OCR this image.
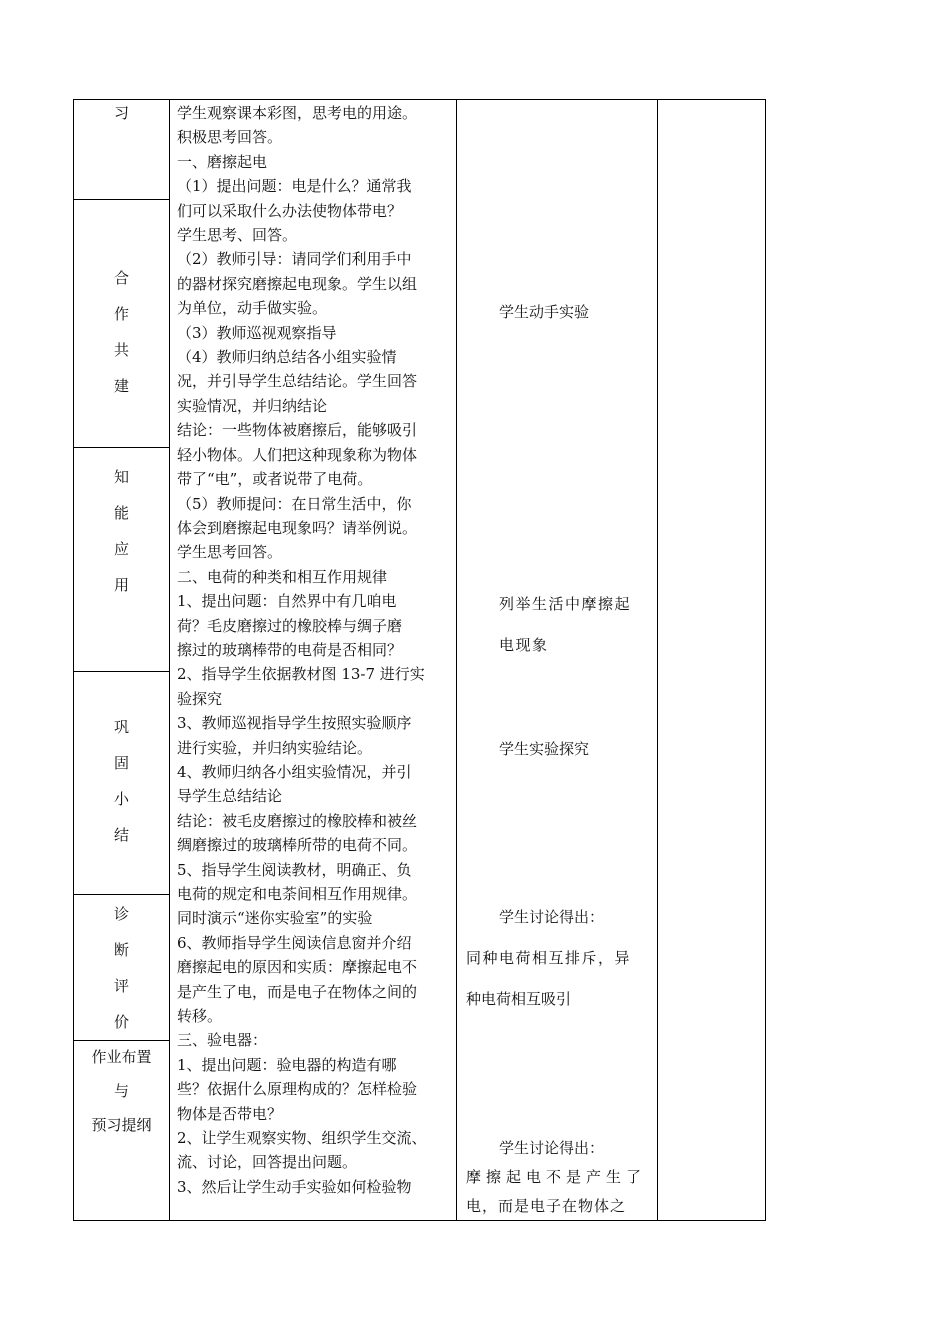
习
合
作
共
建
知
能
应
用
巩
固
小
结
诊
断
评
价
作业布置
与
预习提纲
学生观察课本彩图，思考电的用途。
积极思考回答。
一、磨擦起电
（1）提出问题：电是什么？通常我
们可以采取什么办法使物体带电？
学生思考、回答。
（2）教师引导：请同学们利用手中
的器材探究磨擦起电现象。学生以组
为单位，动手做实验。
（3）教师巡视观察指导
（4）教师归纳总结各小组实验情
况，并引导学生总结结论。学生回答
实验情况，并归纳结论
结论：一些物体被磨擦后，能够吸引
轻小物体。人们把这种现象称为物体
带了“电”，或者说带了电荷。
（5）教师提问：在日常生活中，你
体会到磨擦起电现象吗？请举例说。
学生思考回答。
二、电荷的种类和相互作用规律
1、提出问题：自然界中有几咱电
荷？毛皮磨擦过的橡胶棒与绸子磨
擦过的玻璃棒带的电荷是否相同？
2、指导学生依据教材图 13-7 进行实
验探究
3、教师巡视指导学生按照实验顺序
进行实验，并归纳实验结论。
4、教师归纳各小组实验情况，并引
导学生总结结论
结论：被毛皮磨擦过的橡胶棒和被丝
绸磨擦过的玻璃棒所带的电荷不同。
5、指导学生阅读教材，明确正、负
电荷的规定和电荼间相互作用规律。
同时演示“迷你实验室”的实验
6、教师指导学生阅读信息窗并介绍
磨擦起电的原因和实质：摩擦起电不
是产生了电，而是电子在物体之间的
转移。
三、验电器：
1、提出问题：验电器的构造有哪
些？依据什么原理构成的？怎样检验
物体是否带电？
2、让学生观察实物、组织学生交流、
流、讨论，回答提出问题。
3、然后让学生动手实验如何检验物
学生动手实验
列举生活中摩擦起
电现象
学生实验探究
学生讨论得出：
同种电荷相互排斥，异
种电荷相互吸引
学生讨论得出：
摩擦起电不是产生了
电，而是电子在物体之
